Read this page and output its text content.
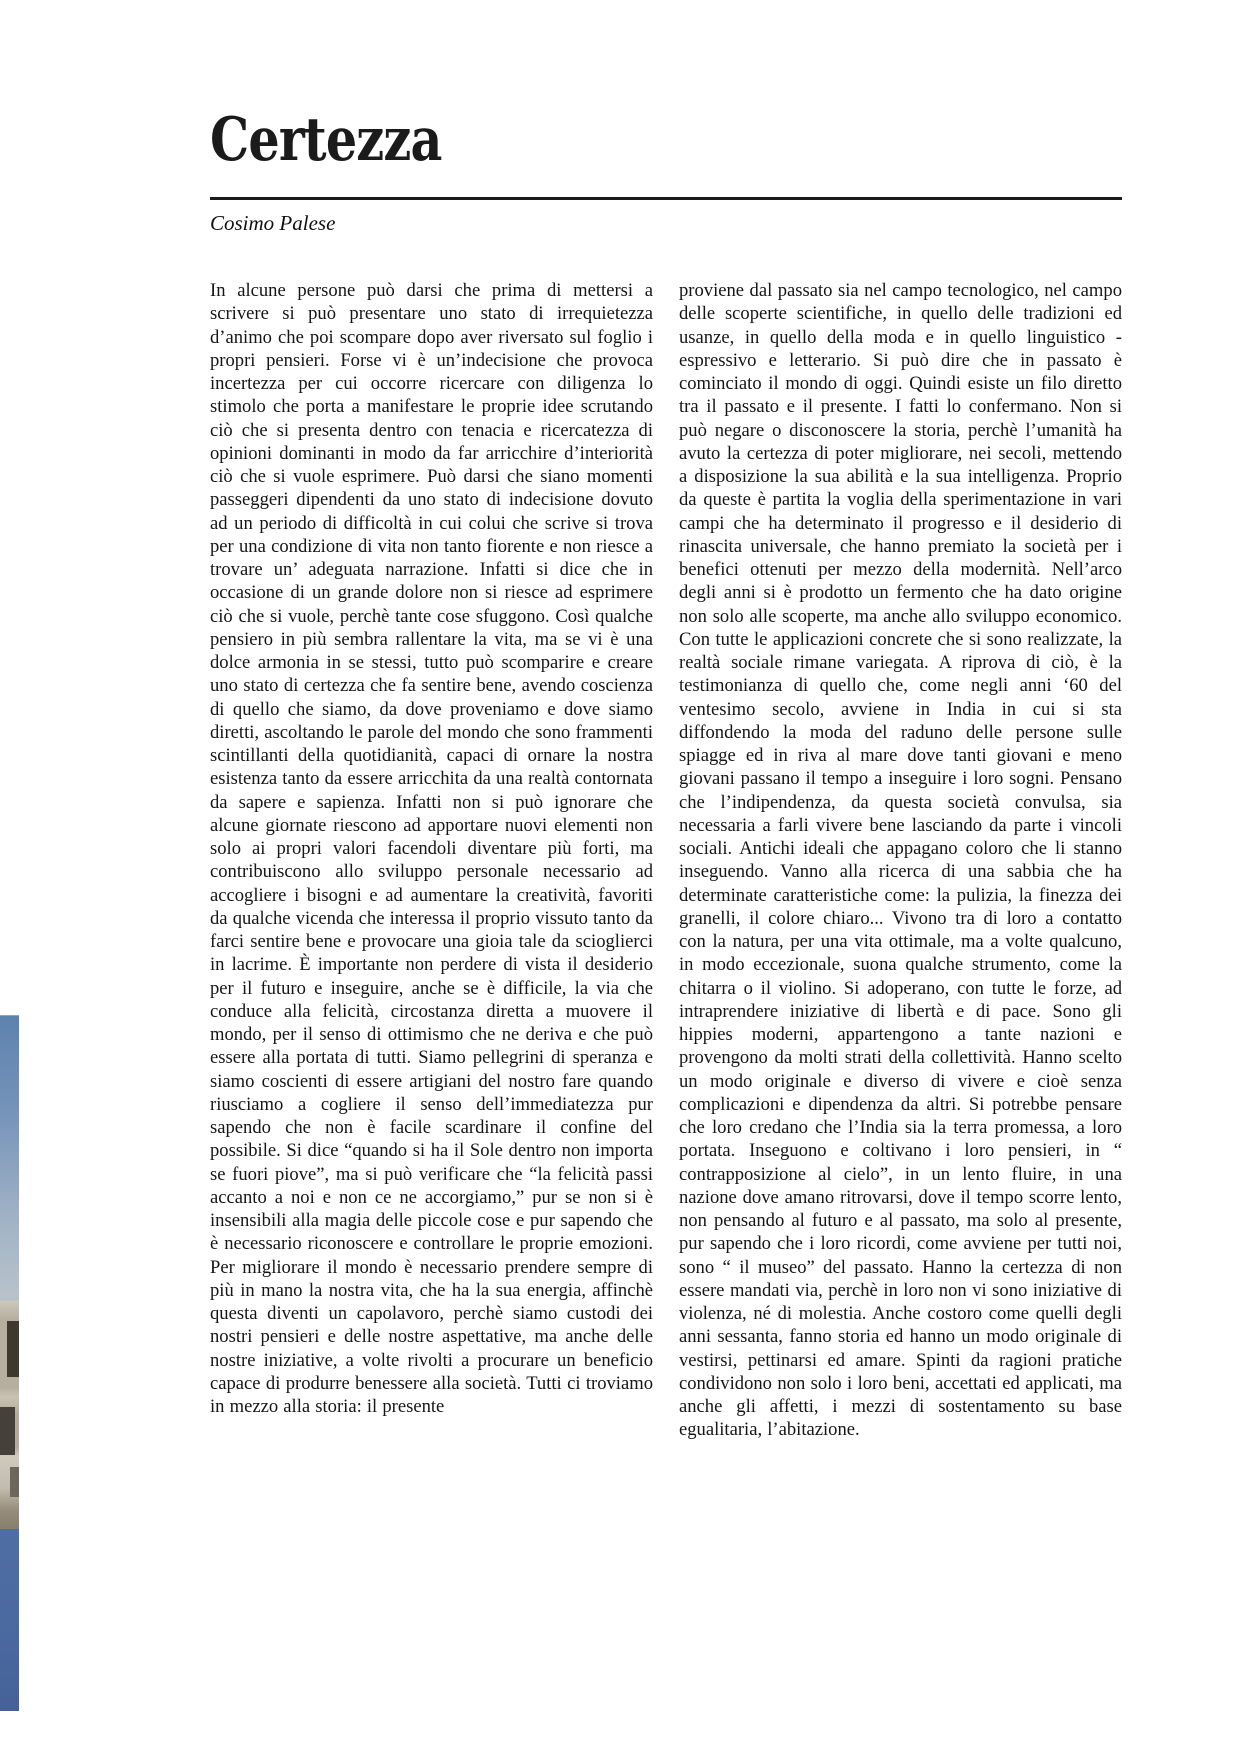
Certezza

Cosimo Palese

In alcune persone può darsi che prima di mettersi a scrivere si può presentare uno stato di irrequietezza d’animo che poi scompare dopo aver riversato sul foglio i propri pensieri. Forse vi è un’indecisione che provoca incertezza per cui occorre ricercare con diligenza lo stimolo che porta a manifestare le proprie idee scrutando ciò che si presenta dentro con tenacia e ricercatezza di opinioni dominanti in modo da far arricchire d’interiorità ciò che si vuole esprimere. Può darsi che siano momenti passeggeri dipendenti da uno stato di indecisione dovuto ad un periodo di difficoltà in cui colui che scrive si trova per una condizione di vita non tanto fiorente e non riesce a trovare un’ adeguata narrazione. Infatti si dice che in occasione di un grande dolore non si riesce ad esprimere ciò che si vuole, perchè tante cose sfuggono. Così qualche pensiero in più sembra rallentare la vita, ma se vi è una dolce armonia in se stessi, tutto può scomparire e creare uno stato di certezza che fa sentire bene, avendo coscienza di quello che siamo, da dove proveniamo e dove siamo diretti, ascoltando le parole del mondo che sono frammenti scintillanti della quotidianità, capaci di ornare la nostra esistenza tanto da essere arricchita da una realtà contornata da sapere e sapienza. Infatti non si può ignorare che alcune giornate riescono ad apportare nuovi elementi non solo ai propri valori facendoli diventare più forti, ma contribuiscono allo sviluppo personale necessario ad accogliere i bisogni e ad aumentare la creatività, favoriti da qualche vicenda che interessa il proprio vissuto tanto da farci sentire bene e provocare una gioia tale da scioglierci in lacrime. È importante non perdere di vista il desiderio per il futuro e inseguire, anche se è difficile, la via che conduce alla felicità, circostanza diretta a muovere il mondo, per il senso di ottimismo che ne deriva e che può essere alla portata di tutti. Siamo pellegrini di speranza e siamo coscienti di essere artigiani del nostro fare quando riusciamo a cogliere il senso dell’immediatezza pur sapendo che non è facile scardinare il confine del possibile. Si dice “quando si ha il Sole dentro non importa se fuori piove”, ma si può verificare che “la felicità passi accanto a noi e non ce ne accorgiamo,” pur se non si è insensibili alla magia delle piccole cose e pur sapendo che è necessario riconoscere e controllare le proprie emozioni. Per migliorare il mondo è necessario prendere sempre di più in mano la nostra vita, che ha la sua energia, affinchè questa diventi un capolavoro, perchè siamo custodi dei nostri pensieri e delle nostre aspettative, ma anche delle nostre iniziative, a volte rivolti a procurare un beneficio capace di produrre benessere alla società. Tutti ci troviamo in mezzo alla storia: il presente
proviene dal passato sia nel campo tecnologico, nel campo delle scoperte scientifiche, in quello delle tradizioni ed usanze, in quello della moda e in quello linguistico - espressivo e letterario. Si può dire che in passato è cominciato il mondo di oggi. Quindi esiste un filo diretto tra il passato e il presente. I fatti lo confermano. Non si può negare o disconoscere la storia, perchè l’umanità ha avuto la certezza di poter migliorare, nei secoli, mettendo a disposizione la sua abilità e la sua intelligenza. Proprio da queste è partita la voglia della sperimentazione in vari campi che ha determinato il progresso e il desiderio di rinascita universale, che hanno premiato la società per i benefici ottenuti per mezzo della modernità. Nell’arco degli anni si è prodotto un fermento che ha dato origine non solo alle scoperte, ma anche allo sviluppo economico. Con tutte le applicazioni concrete che si sono realizzate, la realtà sociale rimane variegata. A riprova di ciò, è la testimonianza di quello che, come negli anni ‘60 del ventesimo secolo, avviene in India in cui si sta diffondendo la moda del raduno delle persone sulle spiagge ed in riva al mare dove tanti giovani e meno giovani passano il tempo a inseguire i loro sogni. Pensano che l’indipendenza, da questa società convulsa, sia necessaria a farli vivere bene lasciando da parte i vincoli sociali. Antichi ideali che appagano coloro che li stanno inseguendo. Vanno alla ricerca di una sabbia che ha determinate caratteristiche come: la pulizia, la finezza dei granelli, il colore chiaro... Vivono tra di loro a contatto con la natura, per una vita ottimale, ma a volte qualcuno, in modo eccezionale, suona qualche strumento, come la chitarra o il violino. Si adoperano, con tutte le forze, ad intraprendere iniziative di libertà e di pace. Sono gli hippies moderni, appartengono a tante nazioni e provengono da molti strati della collettività. Hanno scelto un modo originale e diverso di vivere e cioè senza complicazioni e dipendenza da altri. Si potrebbe pensare che loro credano che l’India sia la terra promessa, a loro portata. Inseguono e coltivano i loro pensieri, in “ contrapposizione al cielo”, in un lento fluire, in una nazione dove amano ritrovarsi, dove il tempo scorre lento, non pensando al futuro e al passato, ma solo al presente, pur sapendo che i loro ricordi, come avviene per tutti noi, sono “ il museo” del passato. Hanno la certezza di non essere mandati via, perchè in loro non vi sono iniziative di violenza, né di molestia. Anche costoro come quelli degli anni sessanta, fanno storia ed hanno un modo originale di vestirsi, pettinarsi ed amare. Spinti da ragioni pratiche condividono non solo i loro beni, accettati ed applicati, ma anche gli affetti, i mezzi di sostentamento su base egualitaria, l’abitazione.
